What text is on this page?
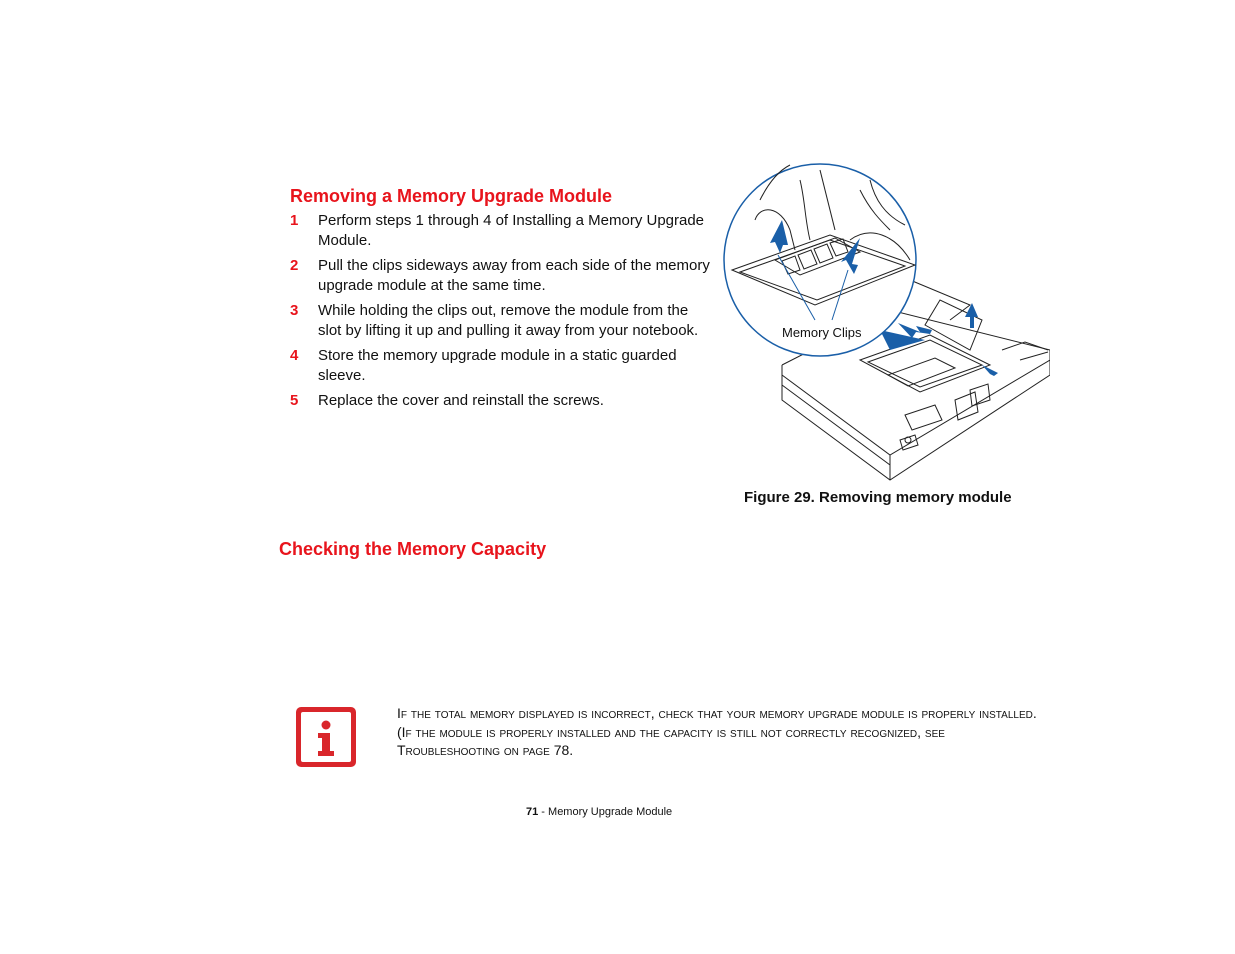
Removing a Memory Upgrade Module
1 Perform steps 1 through 4 of Installing a Memory Upgrade Module.
2 Pull the clips sideways away from each side of the memory upgrade module at the same time.
3 While holding the clips out, remove the module from the slot by lifting it up and pulling it away from your notebook.
4 Store the memory upgrade module in a static guarded sleeve.
5 Replace the cover and reinstall the screws.
Memory Clips
Figure 29. Removing memory module
Checking the Memory Capacity
If the total memory displayed is incorrect, check that your memory upgrade module is properly installed. (If the module is properly installed and the capacity is still not correctly recognized, see Troubleshooting on page 78.
71 - Memory Upgrade Module
